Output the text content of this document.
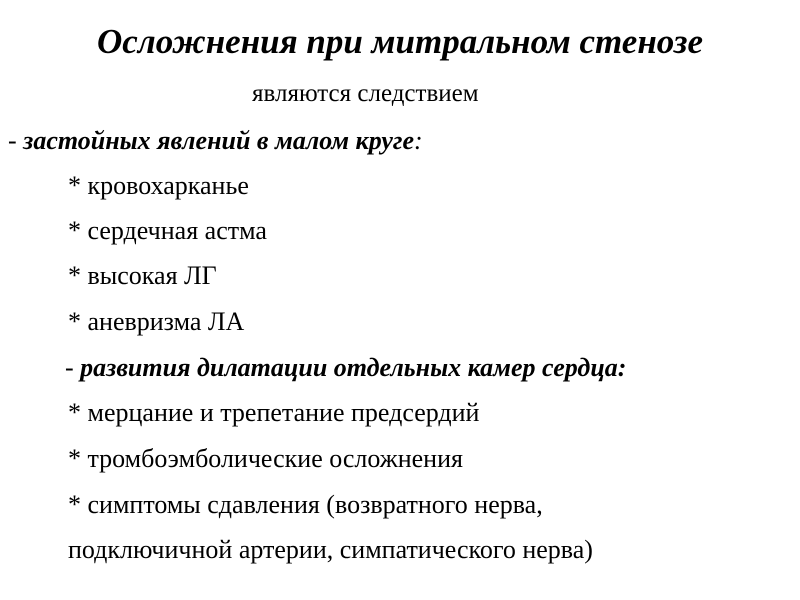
Осложнения при митральном стенозе
являются следствием
- застойных явлений в малом круге:
* кровохарканье
* сердечная астма
* высокая ЛГ
* аневризма ЛА
- развития дилатации отдельных камер сердца:
* мерцание и трепетание предсердий
* тромбоэмболические осложнения
* симптомы сдавления (возвратного нерва,
подключичной артерии, симпатического нерва)
